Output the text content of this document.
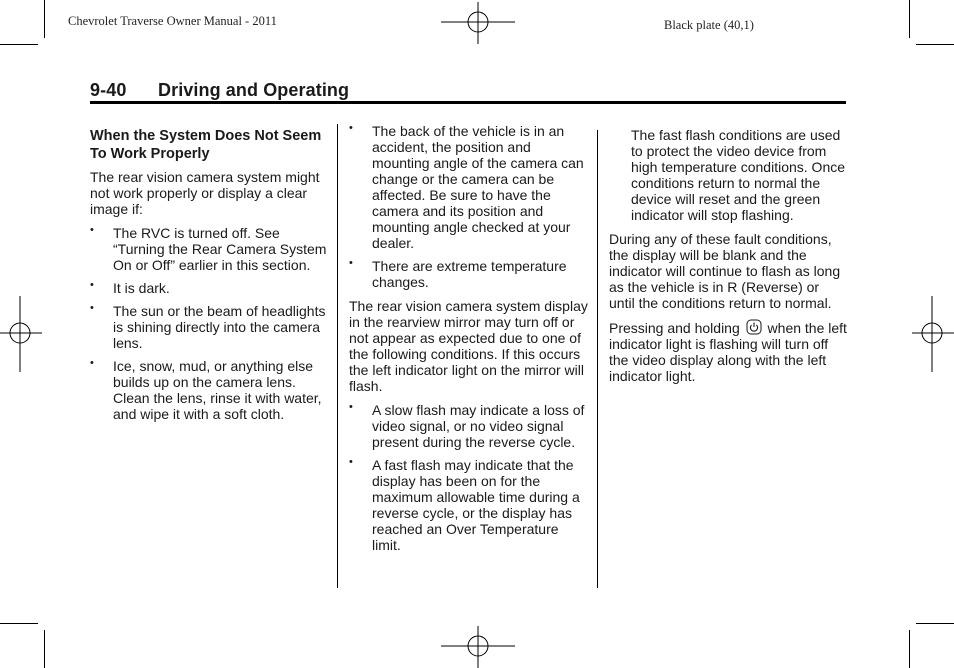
Chevrolet Traverse Owner Manual - 2011	Black plate (40,1)
9-40 Driving and Operating
When the System Does Not Seem To Work Properly

The rear vision camera system might not work properly or display a clear image if:

• The RVC is turned off. See “Turning the Rear Camera System On or Off” earlier in this section.
• It is dark.
• The sun or the beam of headlights is shining directly into the camera lens.
• Ice, snow, mud, or anything else builds up on the camera lens. Clean the lens, rinse it with water, and wipe it with a soft cloth.
• The back of the vehicle is in an accident, the position and mounting angle of the camera can change or the camera can be affected. Be sure to have the camera and its position and mounting angle checked at your dealer.
• There are extreme temperature changes.

The rear vision camera system display in the rearview mirror may turn off or not appear as expected due to one of the following conditions. If this occurs the left indicator light on the mirror will flash.

• A slow flash may indicate a loss of video signal, or no video signal present during the reverse cycle.
• A fast flash may indicate that the display has been on for the maximum allowable time during a reverse cycle, or the display has reached an Over Temperature limit.

The fast flash conditions are used to protect the video device from high temperature conditions. Once conditions return to normal the device will reset and the green indicator will stop flashing.

During any of these fault conditions, the display will be blank and the indicator will continue to flash as long as the vehicle is in R (Reverse) or until the conditions return to normal.

Pressing and holding when the left indicator light is flashing will turn off the video display along with the left indicator light.
